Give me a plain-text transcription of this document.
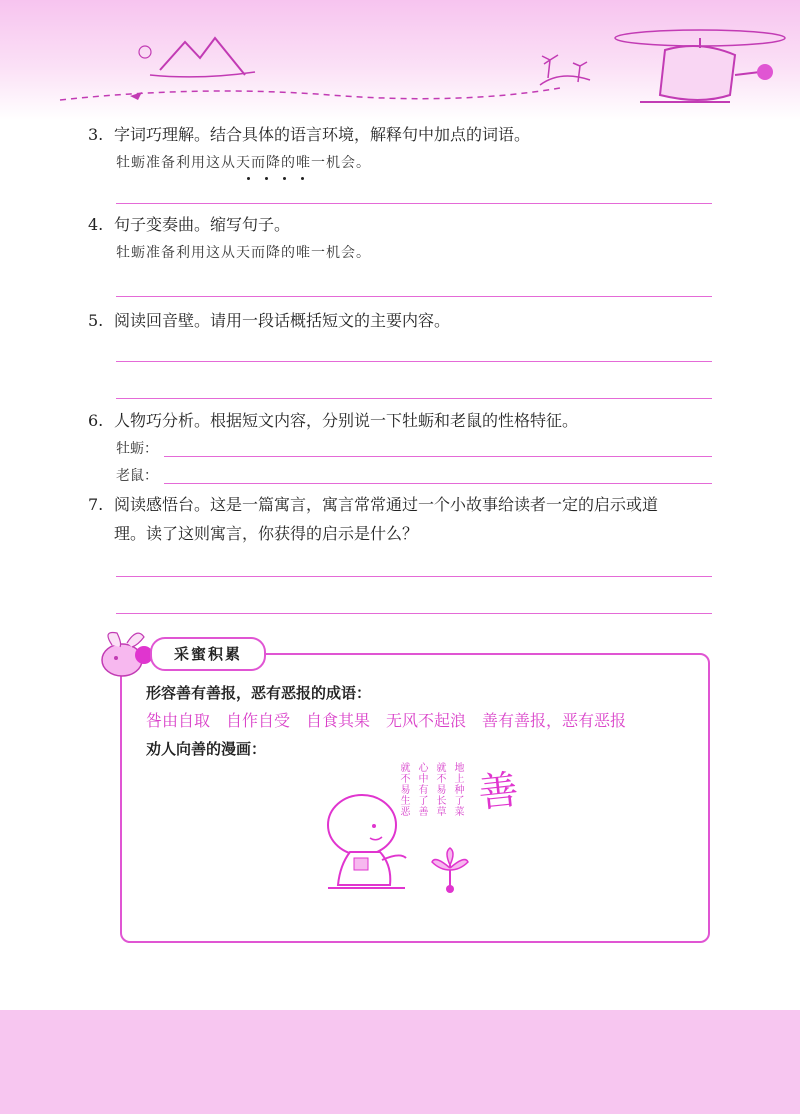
3. 字词巧理解。结合具体的语言环境，解释句中加点的词语。
牡蛎准备利用这从天而降的唯一机会。
4. 句子变奏曲。缩写句子。
牡蛎准备利用这从天而降的唯一机会。
5. 阅读回音壁。请用一段话概括短文的主要内容。
6. 人物巧分析。根据短文内容，分别说一下牡蛎和老鼠的性格特征。
牡蛎：
老鼠：
7. 阅读感悟台。这是一篇寓言，寓言常常通过一个小故事给读者一定的启示或道
理。读了这则寓言，你获得的启示是什么？
采蜜积累
形容善有善报，恶有恶报的成语：
咎由自取　自作自受　自食其果　无风不起浪　善有善报，恶有恶报
劝人向善的漫画：
地上种了菜
就不易长草
心中有了善
就不易生恶 善
